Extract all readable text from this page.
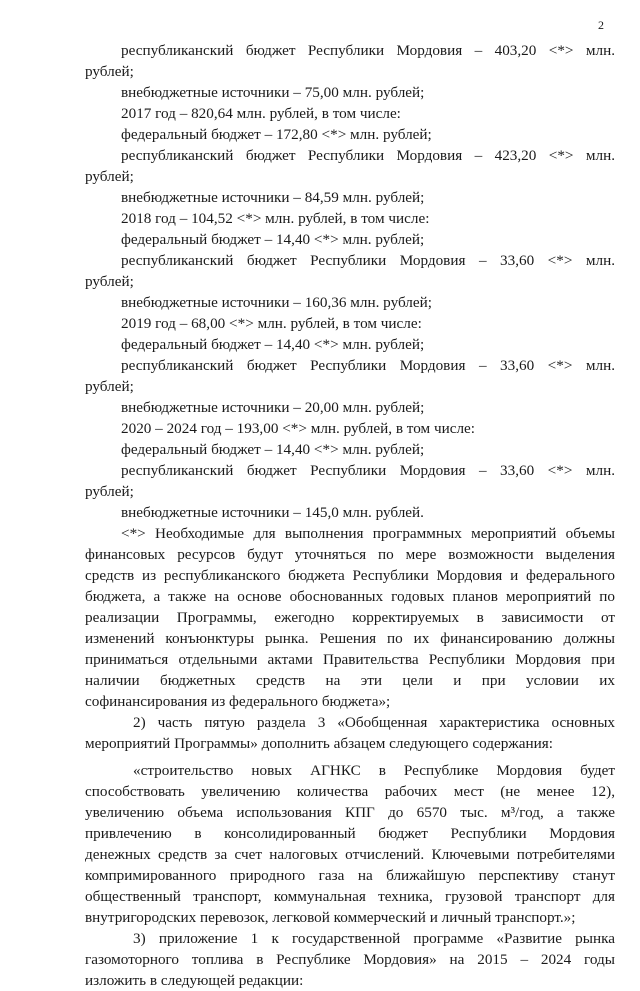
2
республиканский бюджет Республики Мордовия – 403,20 <*> млн.
рублей;
внебюджетные источники – 75,00 млн. рублей;
2017 год – 820,64 млн. рублей, в том числе:
федеральный бюджет – 172,80 <*> млн. рублей;
республиканский бюджет Республики Мордовия – 423,20 <*> млн.
рублей;
внебюджетные источники – 84,59 млн. рублей;
2018 год – 104,52 <*> млн. рублей, в том числе:
федеральный бюджет – 14,40 <*> млн. рублей;
республиканский бюджет Республики Мордовия – 33,60 <*> млн.
рублей;
внебюджетные источники – 160,36 млн. рублей;
2019 год – 68,00 <*> млн. рублей, в том числе:
федеральный бюджет – 14,40 <*> млн. рублей;
республиканский бюджет Республики Мордовия – 33,60 <*> млн.
рублей;
внебюджетные источники – 20,00 млн. рублей;
2020 – 2024 год – 193,00 <*> млн. рублей, в том числе:
федеральный бюджет – 14,40 <*> млн. рублей;
республиканский бюджет Республики Мордовия – 33,60 <*> млн.
рублей;
внебюджетные источники – 145,0 млн. рублей.
<*> Необходимые для выполнения программных мероприятий объемы
финансовых ресурсов будут уточняться по мере возможности выделения
средств из республиканского бюджета Республики Мордовия и федерального
бюджета, а также на основе обоснованных годовых планов мероприятий по
реализации Программы, ежегодно корректируемых в зависимости от
изменений конъюнктуры рынка. Решения по их финансированию должны
приниматься отдельными актами Правительства Республики Мордовия при
наличии бюджетных средств на эти цели и при условии их
софинансирования из федерального бюджета»;
2) часть пятую раздела 3 «Обобщенная характеристика основных
мероприятий Программы» дополнить абзацем следующего содержания:
«строительство новых АГНКС в Республике Мордовия будет
способствовать увеличению количества рабочих мест (не менее 12),
увеличению объема использования КПГ до 6570 тыс. м³/год, а также
привлечению в консолидированный бюджет Республики Мордовия
денежных средств за счет налоговых отчислений. Ключевыми потребителями
компримированного природного газа на ближайшую перспективу станут
общественный транспорт, коммунальная техника, грузовой транспорт для
внутригородских перевозок, легковой коммерческий и личный транспорт.»;
3) приложение 1 к государственной программе «Развитие рынка
газомоторного топлива в Республике Мордовия» на 2015 – 2024 годы
изложить в следующей редакции:
